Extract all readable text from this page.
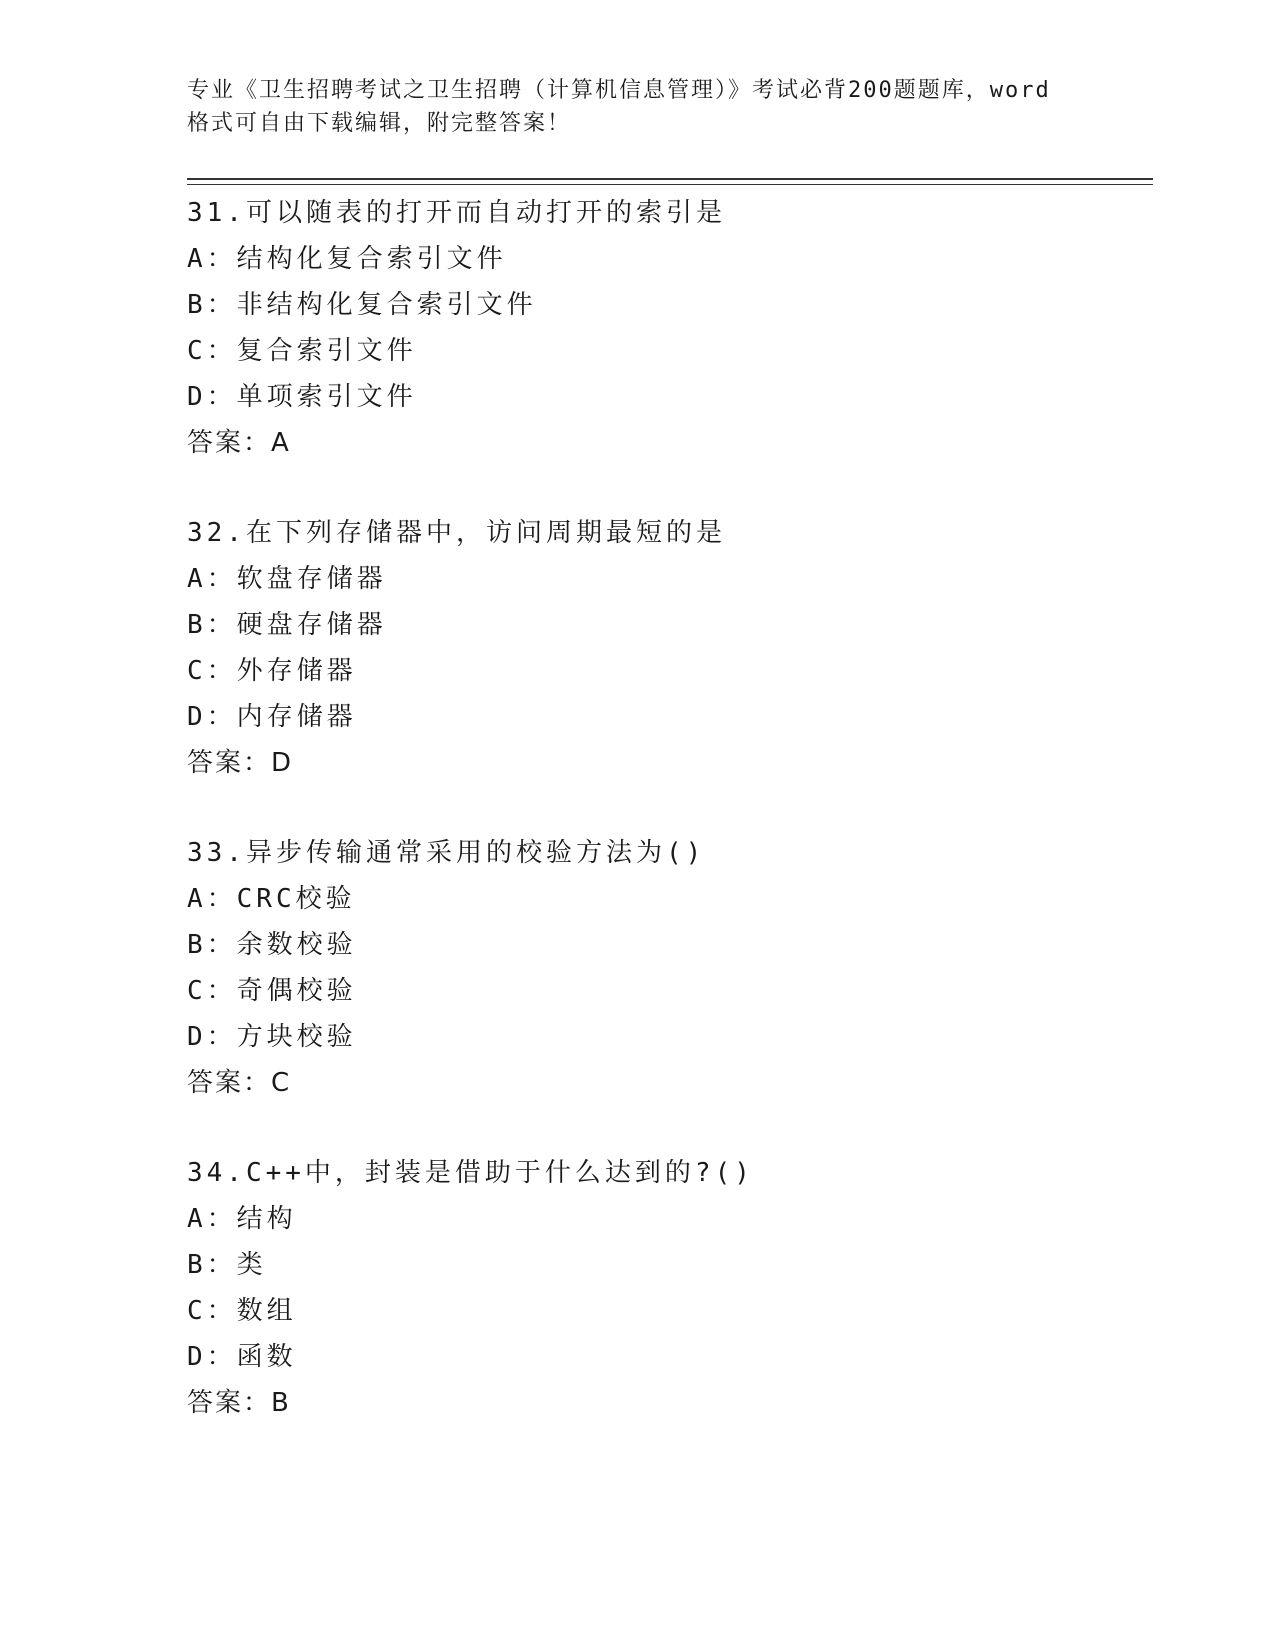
专业《卫生招聘考试之卫生招聘（计算机信息管理）》考试必背200题题库，word
格式可自由下载编辑，附完整答案！
31.可以随表的打开而自动打开的索引是
A：结构化复合索引文件
B：非结构化复合索引文件
C：复合索引文件
D：单项索引文件
答案：A
32.在下列存储器中，访问周期最短的是
A：软盘存储器
B：硬盘存储器
C：外存储器
D：内存储器
答案：D
33.异步传输通常采用的校验方法为()
A：CRC校验
B：余数校验
C：奇偶校验
D：方块校验
答案：C
34.C++中，封装是借助于什么达到的?()
A：结构
B：类
C：数组
D：函数
答案：B
